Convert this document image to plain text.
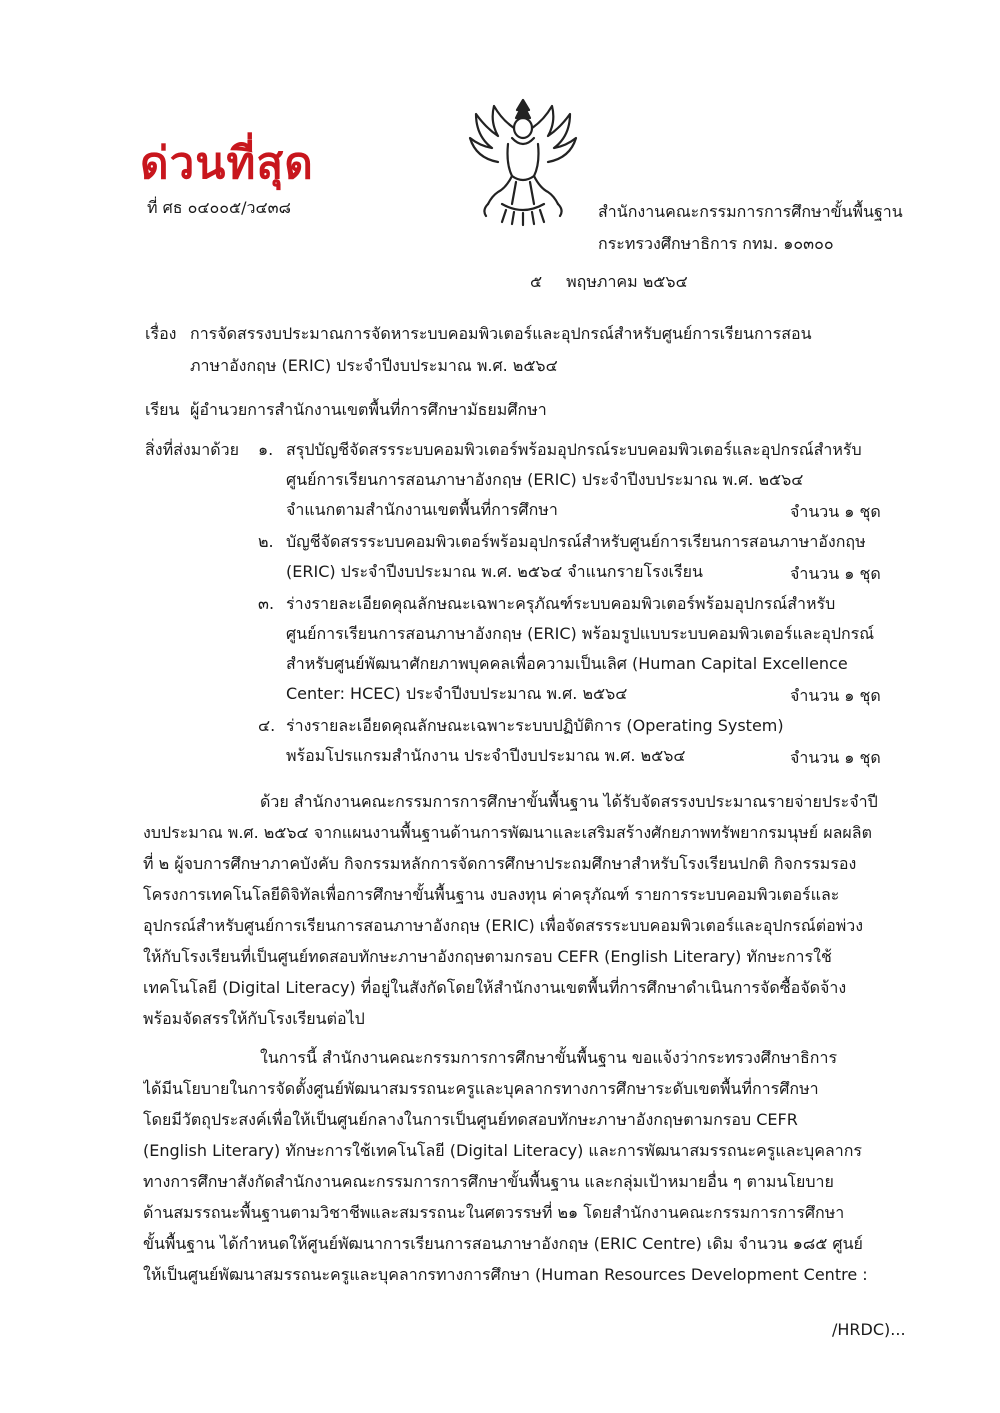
ด่วนที่สุด
ที่ ศธ ๐๔๐๐๕/ว๔๓๘	สำนักงานคณะกรรมการการศึกษาขั้นพื้นฐาน
กระทรวงศึกษาธิการ กทม. ๑๐๓๐๐
๕ พฤษภาคม ๒๕๖๔
เรื่อง การจัดสรรงบประมาณการจัดหาระบบคอมพิวเตอร์และอุปกรณ์สำหรับศูนย์การเรียนการสอน
ภาษาอังกฤษ (ERIC) ประจำปีงบประมาณ พ.ศ. ๒๕๖๔
เรียน ผู้อำนวยการสำนักงานเขตพื้นที่การศึกษามัธยมศึกษา
สิ่งที่ส่งมาด้วย ๑. สรุปบัญชีจัดสรรระบบคอมพิวเตอร์พร้อมอุปกรณ์ระบบคอมพิวเตอร์และอุปกรณ์สำหรับ
ศูนย์การเรียนการสอนภาษาอังกฤษ (ERIC) ประจำปีงบประมาณ พ.ศ. ๒๕๖๔
จำแนกตามสำนักงานเขตพื้นที่การศึกษา	จำนวน ๑ ชุด
๒. บัญชีจัดสรรระบบคอมพิวเตอร์พร้อมอุปกรณ์สำหรับศูนย์การเรียนการสอนภาษาอังกฤษ
(ERIC) ประจำปีงบประมาณ พ.ศ. ๒๕๖๔ จำแนกรายโรงเรียน	จำนวน ๑ ชุด
๓. ร่างรายละเอียดคุณลักษณะเฉพาะครุภัณฑ์ระบบคอมพิวเตอร์พร้อมอุปกรณ์สำหรับ
ศูนย์การเรียนการสอนภาษาอังกฤษ (ERIC) พร้อมรูปแบบระบบคอมพิวเตอร์และอุปกรณ์
สำหรับศูนย์พัฒนาศักยภาพบุคคลเพื่อความเป็นเลิศ (Human Capital Excellence
Center: HCEC) ประจำปีงบประมาณ พ.ศ. ๒๕๖๔	จำนวน ๑ ชุด
๔. ร่างรายละเอียดคุณลักษณะเฉพาะระบบปฏิบัติการ (Operating System)
พร้อมโปรแกรมสำนักงาน ประจำปีงบประมาณ พ.ศ. ๒๕๖๔	จำนวน ๑ ชุด
ด้วย สำนักงานคณะกรรมการการศึกษาขั้นพื้นฐาน ได้รับจัดสรรงบประมาณรายจ่ายประจำปี
งบประมาณ พ.ศ. ๒๕๖๔ จากแผนงานพื้นฐานด้านการพัฒนาและเสริมสร้างศักยภาพทรัพยากรมนุษย์ ผลผลิต
ที่ ๒ ผู้จบการศึกษาภาคบังคับ กิจกรรมหลักการจัดการศึกษาประถมศึกษาสำหรับโรงเรียนปกติ กิจกรรมรอง
โครงการเทคโนโลยีดิจิทัลเพื่อการศึกษาขั้นพื้นฐาน งบลงทุน ค่าครุภัณฑ์ รายการระบบคอมพิวเตอร์และ
อุปกรณ์สำหรับศูนย์การเรียนการสอนภาษาอังกฤษ (ERIC) เพื่อจัดสรรระบบคอมพิวเตอร์และอุปกรณ์ต่อพ่วง
ให้กับโรงเรียนที่เป็นศูนย์ทดสอบทักษะภาษาอังกฤษตามกรอบ CEFR (English Literary) ทักษะการใช้
เทคโนโลยี (Digital Literacy) ที่อยู่ในสังกัดโดยให้สำนักงานเขตพื้นที่การศึกษาดำเนินการจัดซื้อจัดจ้าง
พร้อมจัดสรรให้กับโรงเรียนต่อไป
ในการนี้ สำนักงานคณะกรรมการการศึกษาขั้นพื้นฐาน ขอแจ้งว่ากระทรวงศึกษาธิการ
ได้มีนโยบายในการจัดตั้งศูนย์พัฒนาสมรรถนะครูและบุคลากรทางการศึกษาระดับเขตพื้นที่การศึกษา
โดยมีวัตถุประสงค์เพื่อให้เป็นศูนย์กลางในการเป็นศูนย์ทดสอบทักษะภาษาอังกฤษตามกรอบ CEFR
(English Literary) ทักษะการใช้เทคโนโลยี (Digital Literacy) และการพัฒนาสมรรถนะครูและบุคลากร
ทางการศึกษาสังกัดสำนักงานคณะกรรมการการศึกษาขั้นพื้นฐาน และกลุ่มเป้าหมายอื่น ๆ ตามนโยบาย
ด้านสมรรถนะพื้นฐานตามวิชาชีพและสมรรถนะในศตวรรษที่ ๒๑ โดยสำนักงานคณะกรรมการการศึกษา
ขั้นพื้นฐาน ได้กำหนดให้ศูนย์พัฒนาการเรียนการสอนภาษาอังกฤษ (ERIC Centre) เดิม จำนวน ๑๘๕ ศูนย์
ให้เป็นศูนย์พัฒนาสมรรถนะครูและบุคลากรทางการศึกษา (Human Resources Development Centre :
/HRDC)...
